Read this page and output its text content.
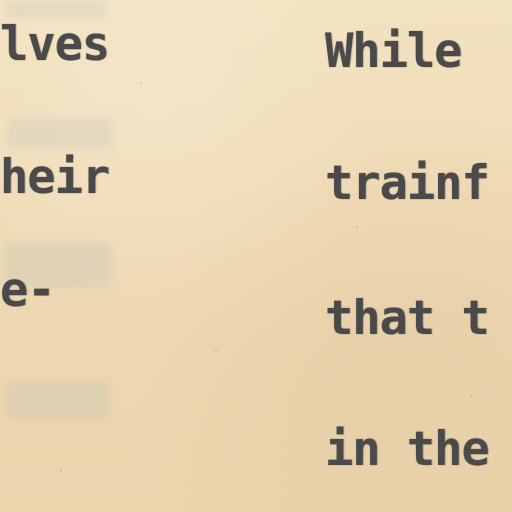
lves

heir

e-

While

trainf

that t

in the
